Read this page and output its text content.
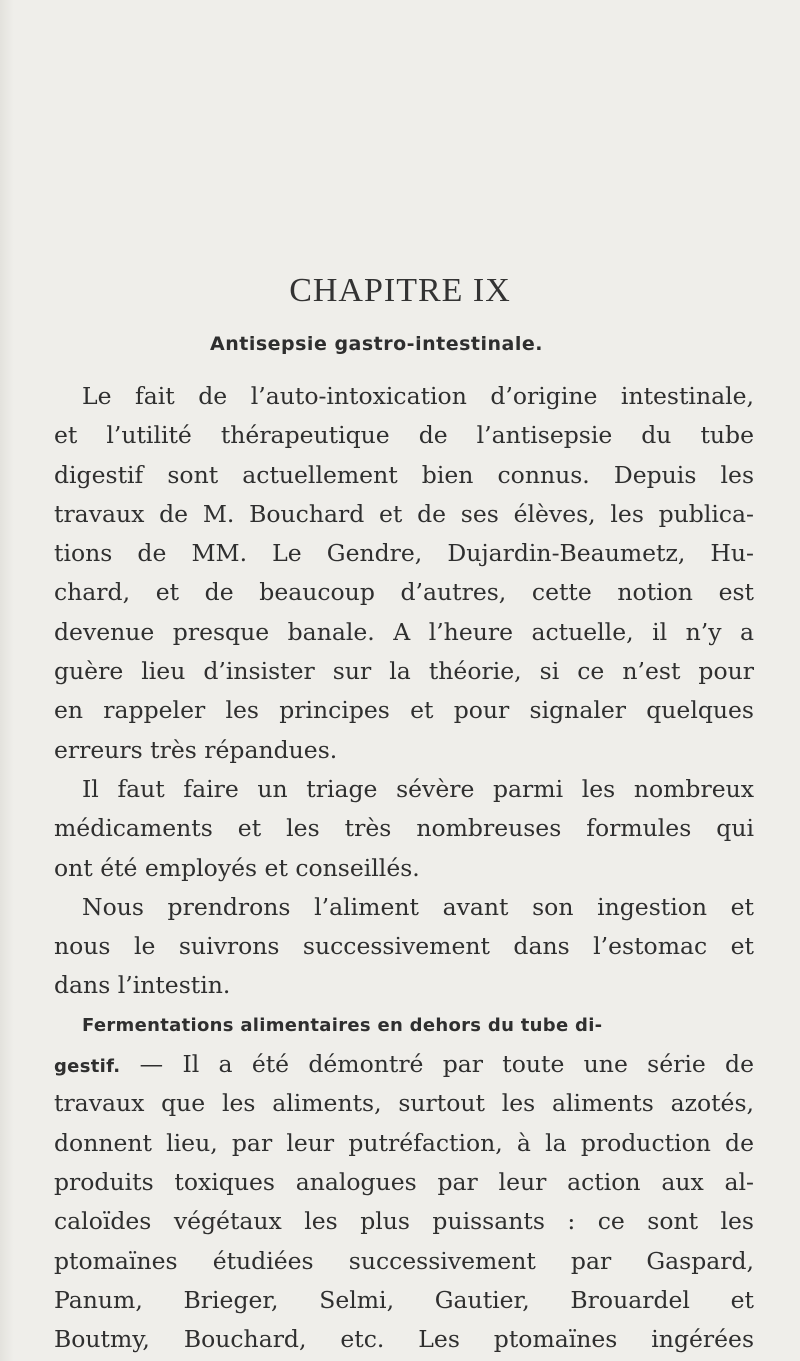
CHAPITRE IX
Antisepsie gastro-intestinale.
Le fait de l’auto-intoxication d’origine intestinale,
et l’utilité thérapeutique de l’antisepsie du tube
digestif sont actuellement bien connus. Depuis les
travaux de M. Bouchard et de ses élèves, les publica-
tions de MM. Le Gendre, Dujardin-Beaumetz, Hu-
chard, et de beaucoup d’autres, cette notion est
devenue presque banale. A l’heure actuelle, il n’y a
guère lieu d’insister sur la théorie, si ce n’est pour
en rappeler les principes et pour signaler quelques
erreurs très répandues.
Il faut faire un triage sévère parmi les nombreux
médicaments et les très nombreuses formules qui
ont été employés et conseillés.
Nous prendrons l’aliment avant son ingestion et
nous le suivrons successivement dans l’estomac et
dans l’intestin.
Fermentations alimentaires en dehors du tube di-
gestif. — Il a été démontré par toute une série de
travaux que les aliments, surtout les aliments azotés,
donnent lieu, par leur putréfaction, à la production de
produits toxiques analogues par leur action aux al-
caloïdes végétaux les plus puissants : ce sont les
ptomaïnes étudiées successivement par Gaspard,
Panum, Brieger, Selmi, Gautier, Brouardel et
Boutmy, Bouchard, etc. Les ptomaïnes ingérées
